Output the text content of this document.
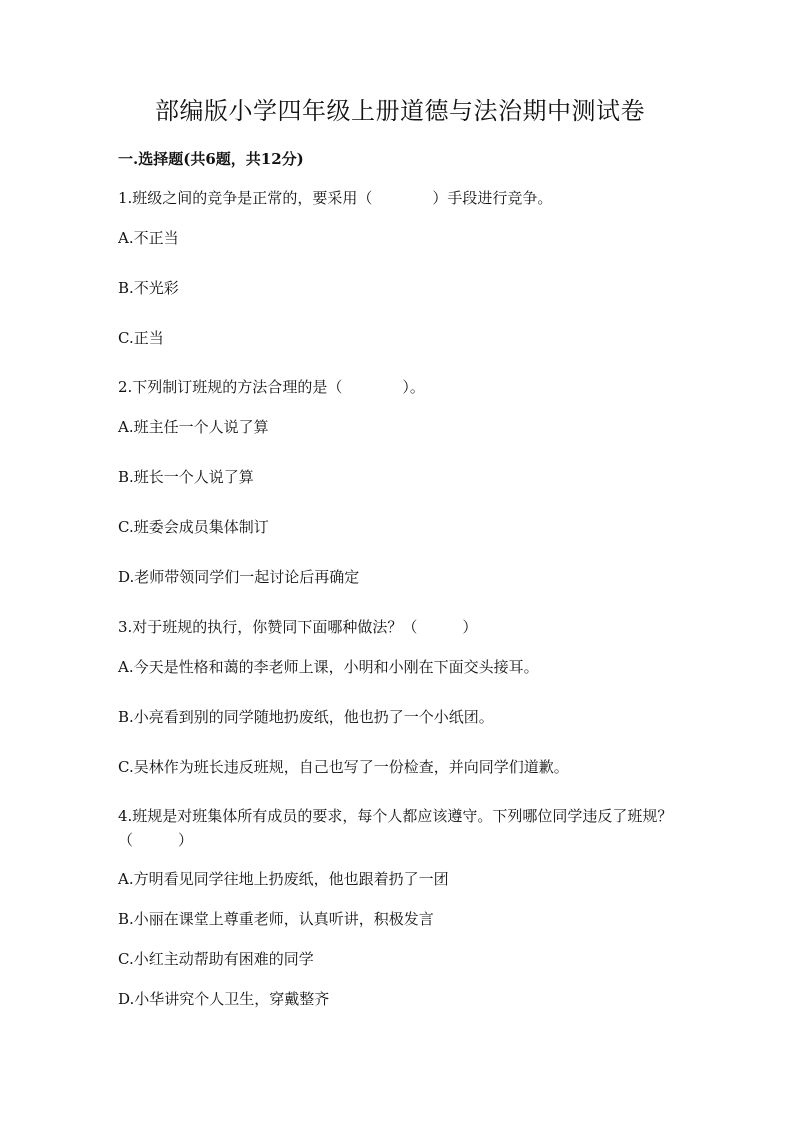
部编版小学四年级上册道德与法治期中测试卷
一.选择题(共6题，共12分)
1.班级之间的竞争是正常的，要采用（　　　　）手段进行竞争。
A.不正当
B.不光彩
C.正当
2.下列制订班规的方法合理的是（　　　　）。
A.班主任一个人说了算
B.班长一个人说了算
C.班委会成员集体制订
D.老师带领同学们一起讨论后再确定
3.对于班规的执行，你赞同下面哪种做法？（　　　）
A.今天是性格和蔼的李老师上课，小明和小刚在下面交头接耳。
B.小亮看到别的同学随地扔废纸，他也扔了一个小纸团。
C.吴林作为班长违反班规，自己也写了一份检查，并向同学们道歉。
4.班规是对班集体所有成员的要求，每个人都应该遵守。下列哪位同学违反了班规？（　　　）
A.方明看见同学往地上扔废纸，他也跟着扔了一团
B.小丽在课堂上尊重老师，认真听讲，积极发言
C.小红主动帮助有困难的同学
D.小华讲究个人卫生，穿戴整齐
